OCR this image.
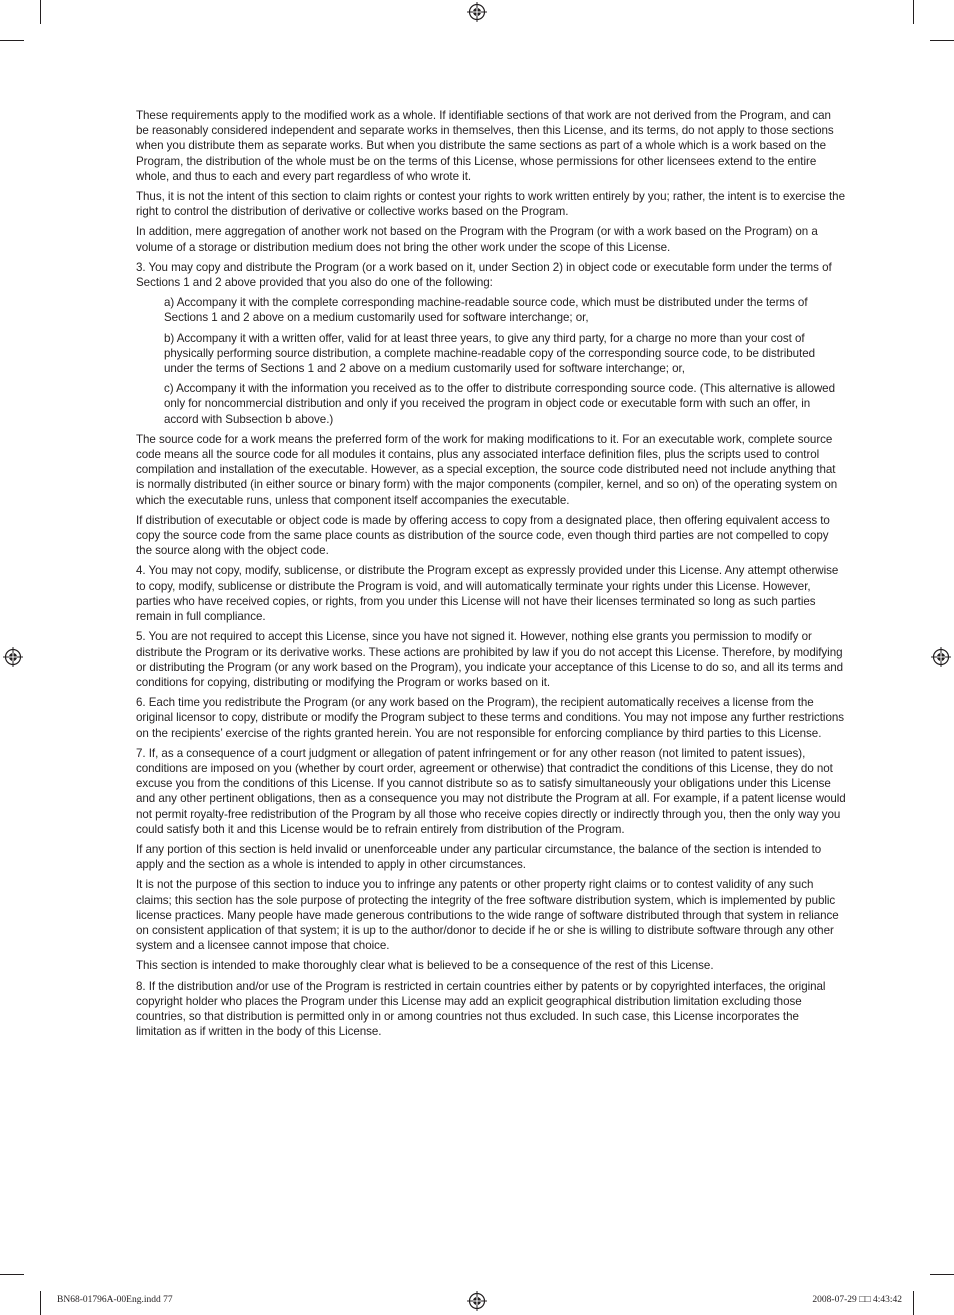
These requirements apply to the modified work as a whole. If identifiable sections of that work are not derived from the Program, and can be reasonably considered independent and separate works in themselves, then this License, and its terms, do not apply to those sections when you distribute them as separate works. But when you distribute the same sections as part of a whole which is a work based on the Program, the distribution of the whole must be on the terms of this License, whose permissions for other licensees extend to the entire whole, and thus to each and every part regardless of who wrote it.

Thus, it is not the intent of this section to claim rights or contest your rights to work written entirely by you; rather, the intent is to exercise the right to control the distribution of derivative or collective works based on the Program.

In addition, mere aggregation of another work not based on the Program with the Program (or with a work based on the Program) on a volume of a storage or distribution medium does not bring the other work under the scope of this License.

3. You may copy and distribute the Program (or a work based on it, under Section 2) in object code or executable form under the terms of Sections 1 and 2 above provided that you also do one of the following:

a) Accompany it with the complete corresponding machine-readable source code, which must be distributed under the terms of Sections 1 and 2 above on a medium customarily used for software interchange; or,

b) Accompany it with a written offer, valid for at least three years, to give any third party, for a charge no more than your cost of physically performing source distribution, a complete machine-readable copy of the corresponding source code, to be distributed under the terms of Sections 1 and 2 above on a medium customarily used for software interchange; or,

c) Accompany it with the information you received as to the offer to distribute corresponding source code. (This alternative is allowed only for noncommercial distribution and only if you received the program in object code or executable form with such an offer, in accord with Subsection b above.)

The source code for a work means the preferred form of the work for making modifications to it. For an executable work, complete source code means all the source code for all modules it contains, plus any associated interface definition files, plus the scripts used to control compilation and installation of the executable. However, as a special exception, the source code distributed need not include anything that is normally distributed (in either source or binary form) with the major components (compiler, kernel, and so on) of the operating system on which the executable runs, unless that component itself accompanies the executable.

If distribution of executable or object code is made by offering access to copy from a designated place, then offering equivalent access to copy the source code from the same place counts as distribution of the source code, even though third parties are not compelled to copy the source along with the object code.

4. You may not copy, modify, sublicense, or distribute the Program except as expressly provided under this License. Any attempt otherwise to copy, modify, sublicense or distribute the Program is void, and will automatically terminate your rights under this License. However, parties who have received copies, or rights, from you under this License will not have their licenses terminated so long as such parties remain in full compliance.

5. You are not required to accept this License, since you have not signed it. However, nothing else grants you permission to modify or distribute the Program or its derivative works. These actions are prohibited by law if you do not accept this License. Therefore, by modifying or distributing the Program (or any work based on the Program), you indicate your acceptance of this License to do so, and all its terms and conditions for copying, distributing or modifying the Program or works based on it.

6. Each time you redistribute the Program (or any work based on the Program), the recipient automatically receives a license from the original licensor to copy, distribute or modify the Program subject to these terms and conditions. You may not impose any further restrictions on the recipients’ exercise of the rights granted herein. You are not responsible for enforcing compliance by third parties to this License.

7. If, as a consequence of a court judgment or allegation of patent infringement or for any other reason (not limited to patent issues), conditions are imposed on you (whether by court order, agreement or otherwise) that contradict the conditions of this License, they do not excuse you from the conditions of this License. If you cannot distribute so as to satisfy simultaneously your obligations under this License and any other pertinent obligations, then as a consequence you may not distribute the Program at all. For example, if a patent license would not permit royalty-free redistribution of the Program by all those who receive copies directly or indirectly through you, then the only way you could satisfy both it and this License would be to refrain entirely from distribution of the Program.

If any portion of this section is held invalid or unenforceable under any particular circumstance, the balance of the section is intended to apply and the section as a whole is intended to apply in other circumstances.

It is not the purpose of this section to induce you to infringe any patents or other property right claims or to contest validity of any such claims; this section has the sole purpose of protecting the integrity of the free software distribution system, which is implemented by public license practices. Many people have made generous contributions to the wide range of software distributed through that system in reliance on consistent application of that system; it is up to the author/donor to decide if he or she is willing to distribute software through any other system and a licensee cannot impose that choice.

This section is intended to make thoroughly clear what is believed to be a consequence of the rest of this License.

8. If the distribution and/or use of the Program is restricted in certain countries either by patents or by copyrighted interfaces, the original copyright holder who places the Program under this License may add an explicit geographical distribution limitation excluding those countries, so that distribution is permitted only in or among countries not thus excluded. In such case, this License incorporates the limitation as if written in the body of this License.

BN68-01796A-00Eng.indd 77	2008-07-29 □□ 4:43:42
